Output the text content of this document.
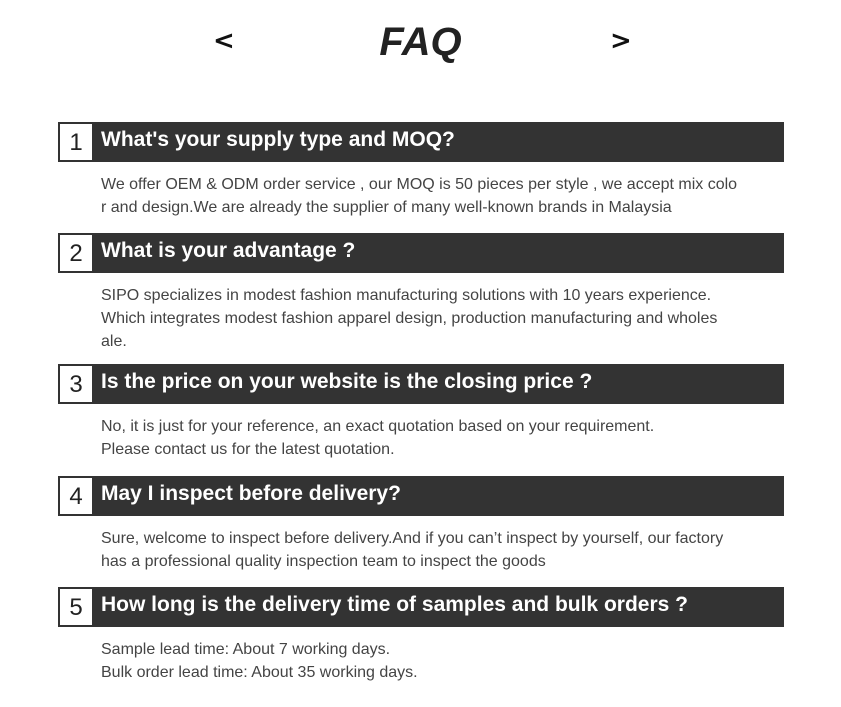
<	FAQ	>
1 What's your supply type and MOQ?

We offer OEM & ODM order service , our MOQ is 50 pieces per style , we accept mix colo
r and design.We are already the supplier of many well-known brands in Malaysia

2 What is your advantage ?

SIPO specializes in modest fashion manufacturing solutions with 10 years experience.
Which integrates modest fashion apparel design, production manufacturing and wholes
ale.

3 Is the price on your website is the closing price ?

No, it is just for your reference, an exact quotation based on your requirement.
Please contact us for the latest quotation.

4 May I inspect before delivery?

Sure, welcome to inspect before delivery.And if you can’t inspect by yourself, our factory
has a professional quality inspection team to inspect the goods

5 How long is the delivery time of samples and bulk orders ?

Sample lead time: About 7 working days.
Bulk order lead time: About 35 working days.
